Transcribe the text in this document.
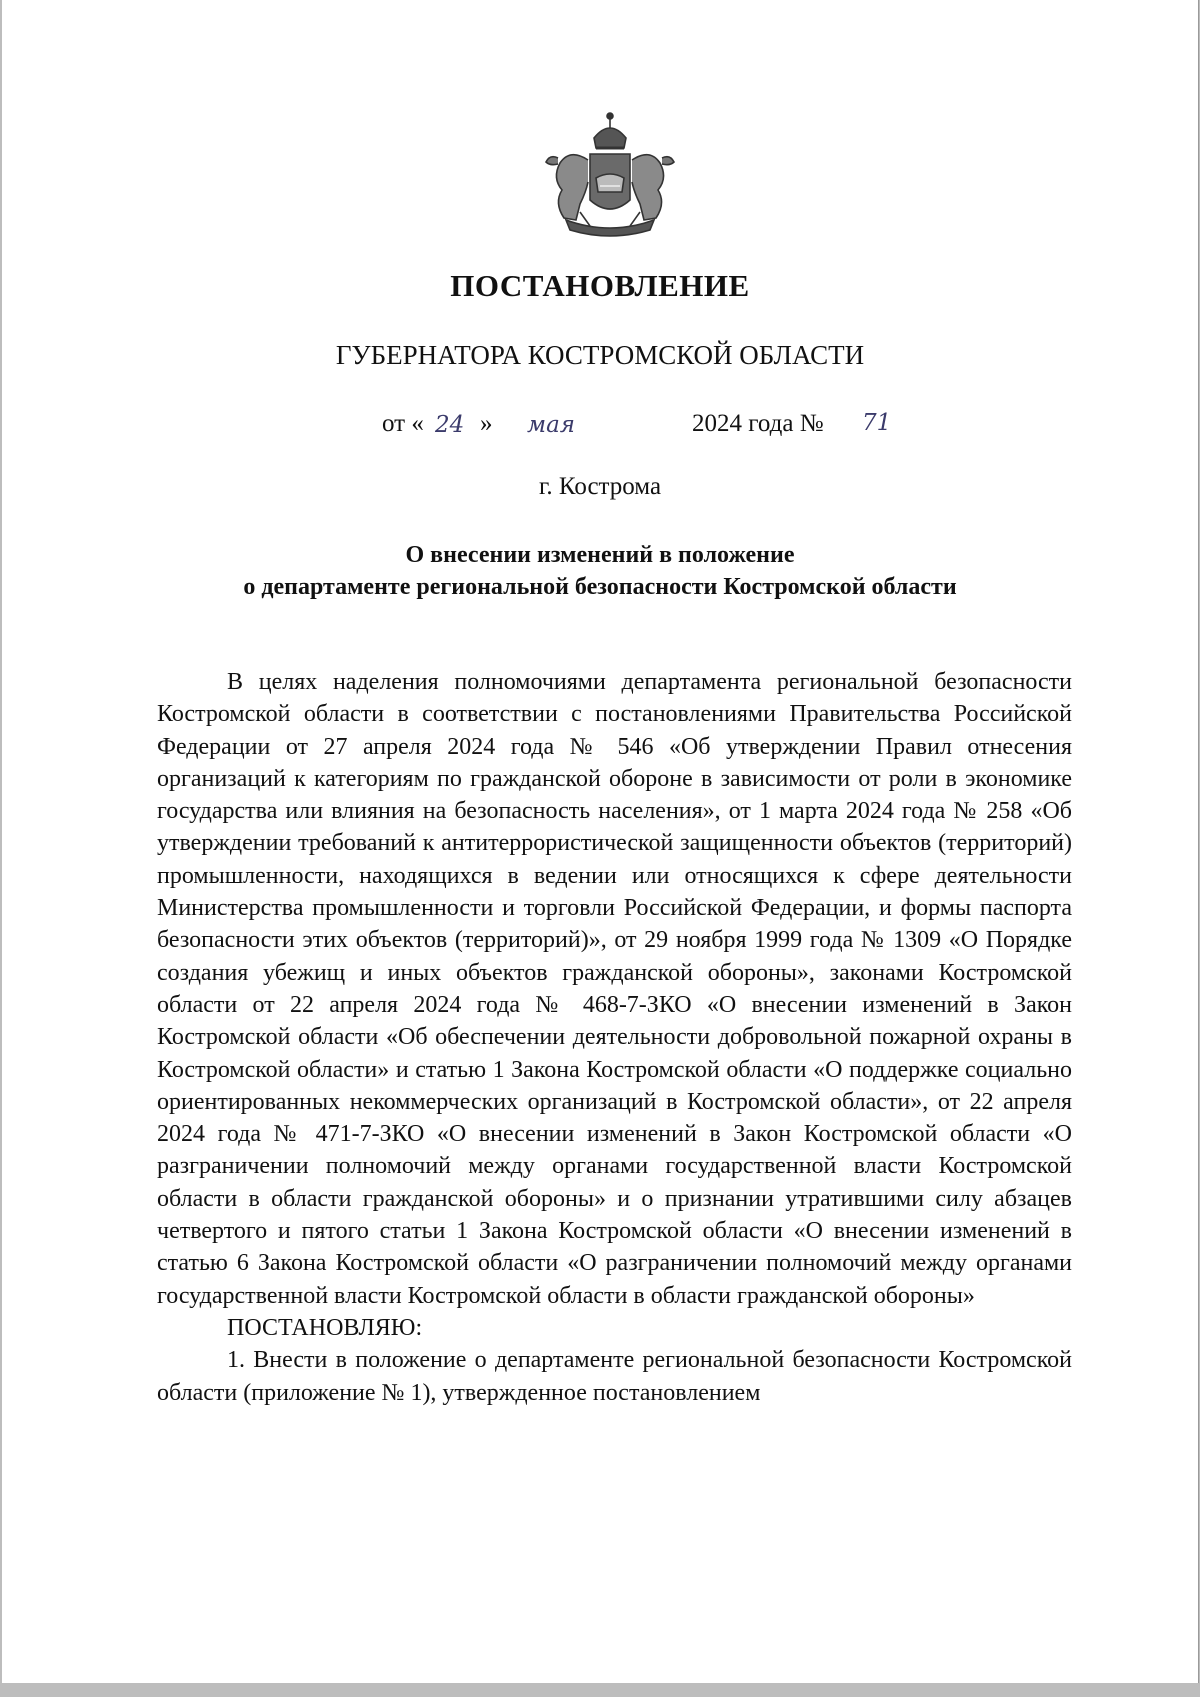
ПОСТАНОВЛЕНИЕ

ГУБЕРНАТОРА КОСТРОМСКОЙ ОБЛАСТИ

от « 24 » мая	2024 года № 71

г. Кострома

О внесении изменений в положение
о департаменте региональной безопасности Костромской области

В целях наделения полномочиями департамента региональной безопасности Костромской области в соответствии с постановлениями Правительства Российской Федерации от 27 апреля 2024 года № 546 «Об утверждении Правил отнесения организаций к категориям по гражданской обороне в зависимости от роли в экономике государства или влияния на безопасность населения», от 1 марта 2024 года № 258 «Об утверждении требований к антитеррористической защищенности объектов (территорий) промышленности, находящихся в ведении или относящихся к сфере деятельности Министерства промышленности и торговли Российской Федерации, и формы паспорта безопасности этих объектов (территорий)», от 29 ноября 1999 года № 1309 «О Порядке создания убежищ и иных объектов гражданской обороны», законами Костромской области от 22 апреля 2024 года № 468-7-ЗКО «О внесении изменений в Закон Костромской области «Об обеспечении деятельности добровольной пожарной охраны в Костромской области» и статью 1 Закона Костромской области «О поддержке социально ориентированных некоммерческих организаций в Костромской области», от 22 апреля 2024 года № 471-7-ЗКО «О внесении изменений в Закон Костромской области «О разграничении полномочий между органами государственной власти Костромской области в области гражданской обороны» и о признании утратившими силу абзацев четвертого и пятого статьи 1 Закона Костромской области «О внесении изменений в статью 6 Закона Костромской области «О разграничении полномочий между органами государственной власти Костромской области в области гражданской обороны»

ПОСТАНОВЛЯЮ:

1. Внести в положение о департаменте региональной безопасности Костромской области (приложение № 1), утвержденное постановлением
